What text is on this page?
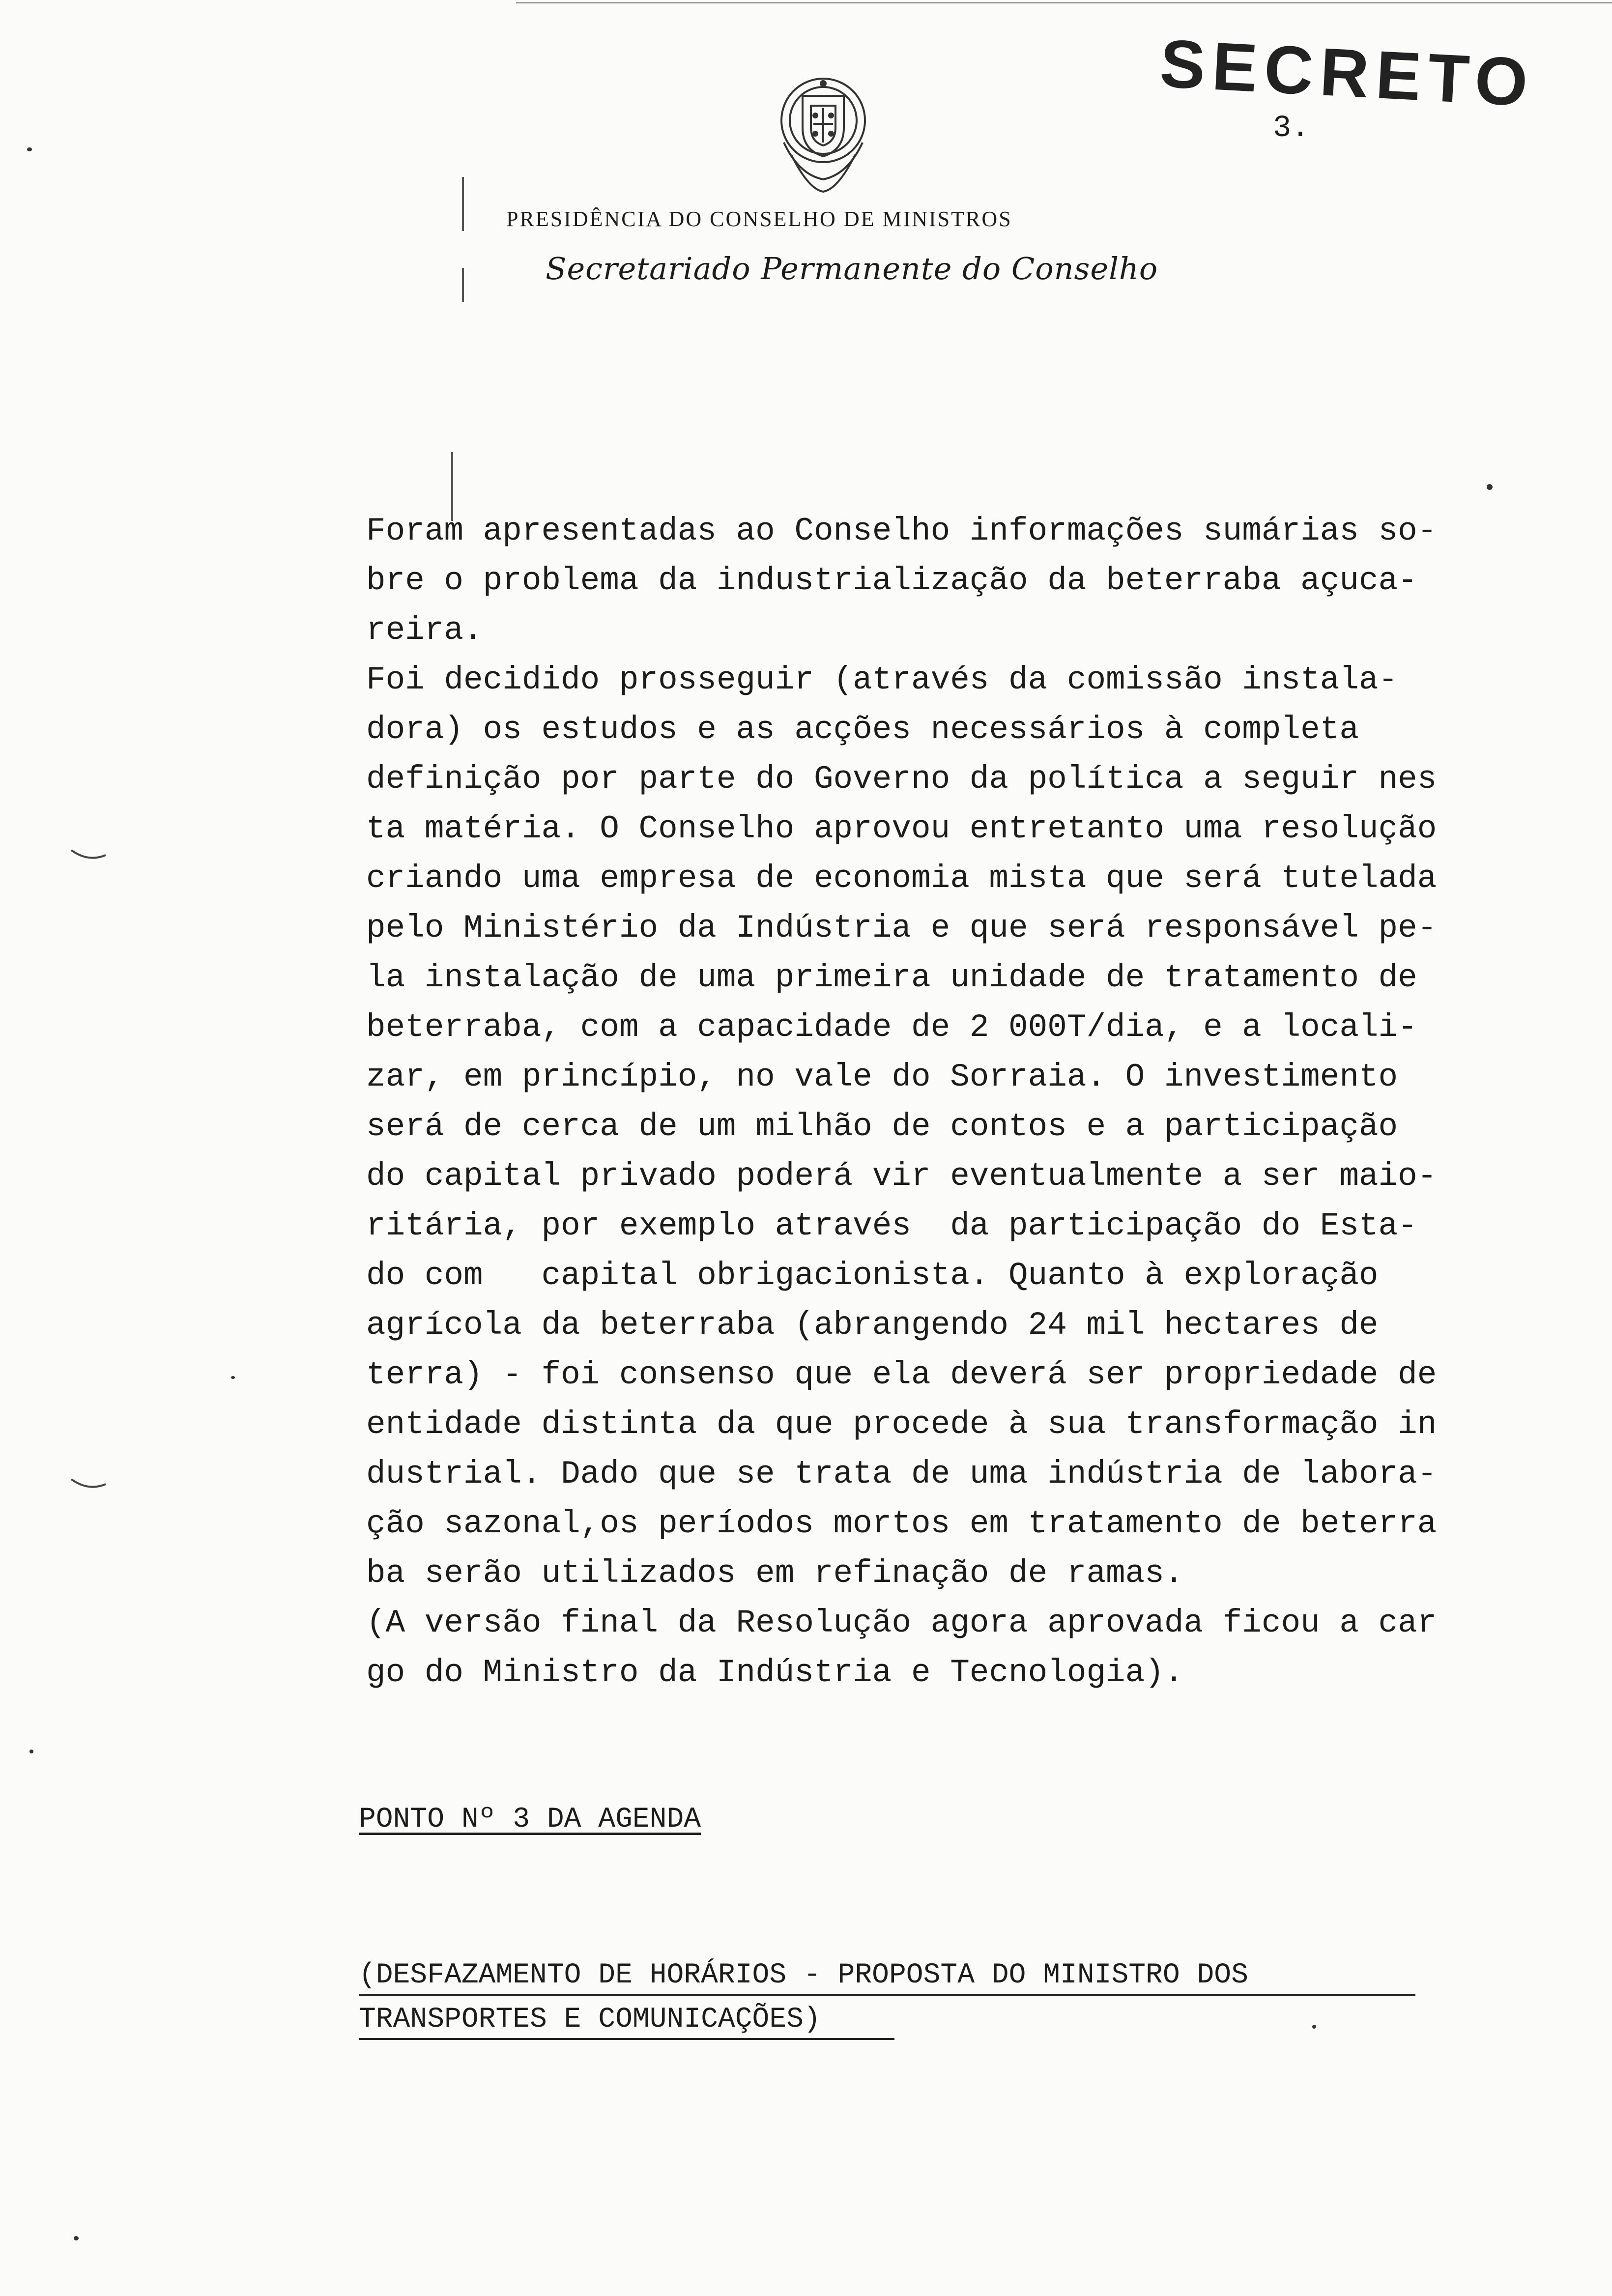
SECRETO
3.
PRESIDÊNCIA DO CONSELHO DE MINISTROS
Secretariado Permanente do Conselho

Foram apresentadas ao Conselho informações sumárias so-

bre o problema da industrialização da beterraba açuca-

reira.

Foi decidido prosseguir (através da comissão instala-

dora) os estudos e as acções necessários à completa

definição por parte do Governo da política a seguir nes

ta matéria. O Conselho aprovou entretanto uma resolução

criando uma empresa de economia mista que será tutelada

pelo Ministério da Indústria e que será responsável pe-

la instalação de uma primeira unidade de tratamento de

beterraba, com a capacidade de 2 000T/dia, e a locali-

zar, em princípio, no vale do Sorraia. O investimento

será de cerca de um milhão de contos e a participação

do capital privado poderá vir eventualmente a ser maio-

ritária, por exemplo através  da participação do Esta-

do com   capital obrigacionista. Quanto à exploração

agrícola da beterraba (abrangendo 24 mil hectares de

terra) - foi consenso que ela deverá ser propriedade de

entidade distinta da que procede à sua transformação in

dustrial. Dado que se trata de uma indústria de labora-

ção sazonal,os períodos mortos em tratamento de beterra

ba serão utilizados em refinação de ramas.

(A versão final da Resolução agora aprovada ficou a car

go do Ministro da Indústria e Tecnologia).

PONTO Nº 3 DA AGENDA

(DESFAZAMENTO DE HORÁRIOS - PROPOSTA DO MINISTRO DOS

TRANSPORTES E COMUNICAÇÕES)
